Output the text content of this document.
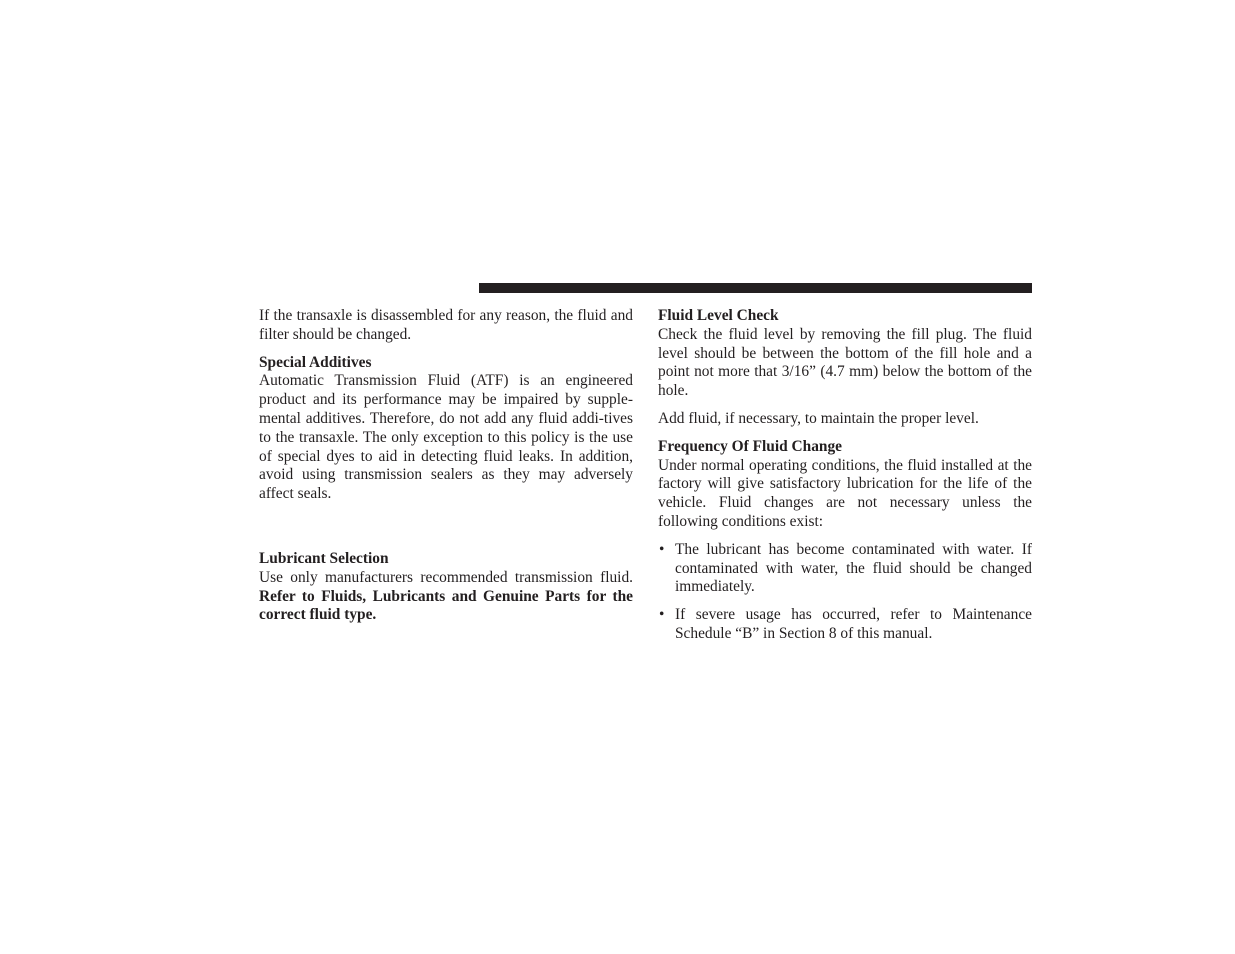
If the transaxle is disassembled for any reason, the fluid and filter should be changed.

Special Additives
Automatic Transmission Fluid (ATF) is an engineered product and its performance may be impaired by supple-mental additives. Therefore, do not add any fluid addi-tives to the transaxle. The only exception to this policy is the use of special dyes to aid in detecting fluid leaks. In addition, avoid using transmission sealers as they may adversely affect seals.

Lubricant Selection
Use only manufacturers recommended transmission fluid. Refer to Fluids, Lubricants and Genuine Parts for the correct fluid type.

Fluid Level Check
Check the fluid level by removing the fill plug. The fluid level should be between the bottom of the fill hole and a point not more that 3/16” (4.7 mm) below the bottom of the hole.

Add fluid, if necessary, to maintain the proper level.

Frequency Of Fluid Change
Under normal operating conditions, the fluid installed at the factory will give satisfactory lubrication for the life of the vehicle. Fluid changes are not necessary unless the following conditions exist:

• The lubricant has become contaminated with water. If contaminated with water, the fluid should be changed immediately.
• If severe usage has occurred, refer to Maintenance Schedule “B” in Section 8 of this manual.
